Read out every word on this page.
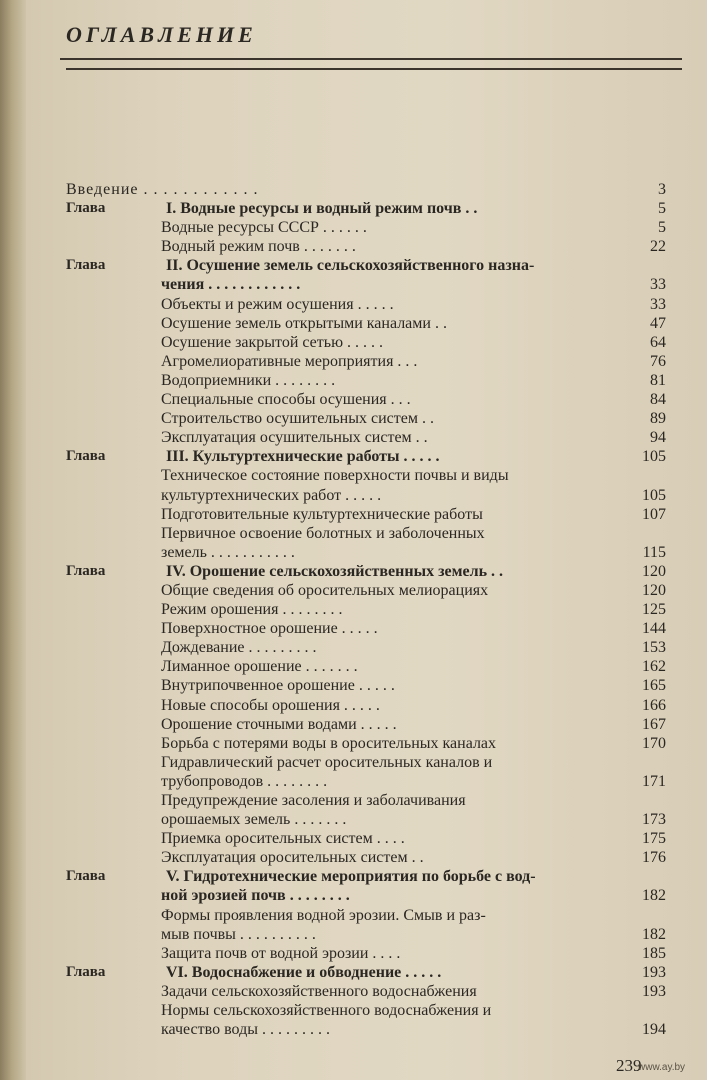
ОГЛАВЛЕНИЕ
Введение . . . . . . . . . . . .	3
Глава	I. Водные ресурсы и водный режим почв . .	5
Водные ресурсы СССР . . . . . .	5
Водный режим почв . . . . . . .	22
Глава	II. Осушение земель сельскохозяйственного назна-
чения . . . . . . . . . . . .	33
Объекты и режим осушения . . . . .	33
Осушение земель открытыми каналами . .	47
Осушение закрытой сетью . . . . .	64
Агромелиоративные мероприятия . . .	76
Водоприемники . . . . . . . .	81
Специальные способы осушения . . .	84
Строительство осушительных систем . .	89
Эксплуатация осушительных систем . .	94
Глава	III. Культуртехнические работы . . . . .	105
Техническое состояние поверхности почвы и виды
культуртехнических работ . . . . .	105
Подготовительные культуртехнические работы	107
Первичное освоение болотных и заболоченных
земель . . . . . . . . . . .	115
Глава	IV. Орошение сельскохозяйственных земель . .	120
Общие сведения об оросительных мелиорациях	120
Режим орошения . . . . . . . .	125
Поверхностное орошение . . . . .	144
Дождевание . . . . . . . . .	153
Лиманное орошение . . . . . . .	162
Внутрипочвенное орошение . . . . .	165
Новые способы орошения . . . . .	166
Орошение сточными водами . . . . .	167
Борьба с потерями воды в оросительных каналах	170
Гидравлический расчет оросительных каналов и
трубопроводов . . . . . . . .	171
Предупреждение засоления и заболачивания
орошаемых земель . . . . . . .	173
Приемка оросительных систем . . . .	175
Эксплуатация оросительных систем . .	176
Глава	V. Гидротехнические мероприятия по борьбе с вод-
ной эрозией почв . . . . . . . .	182
Формы проявления водной эрозии. Смыв и раз-
мыв почвы . . . . . . . . . .	182
Защита почв от водной эрозии . . . .	185
Глава	VI. Водоснабжение и обводнение . . . . .	193
Задачи сельскохозяйственного водоснабжения	193
Нормы сельскохозяйственного водоснабжения и
качество воды . . . . . . . . .	194
239
www.ay.by
